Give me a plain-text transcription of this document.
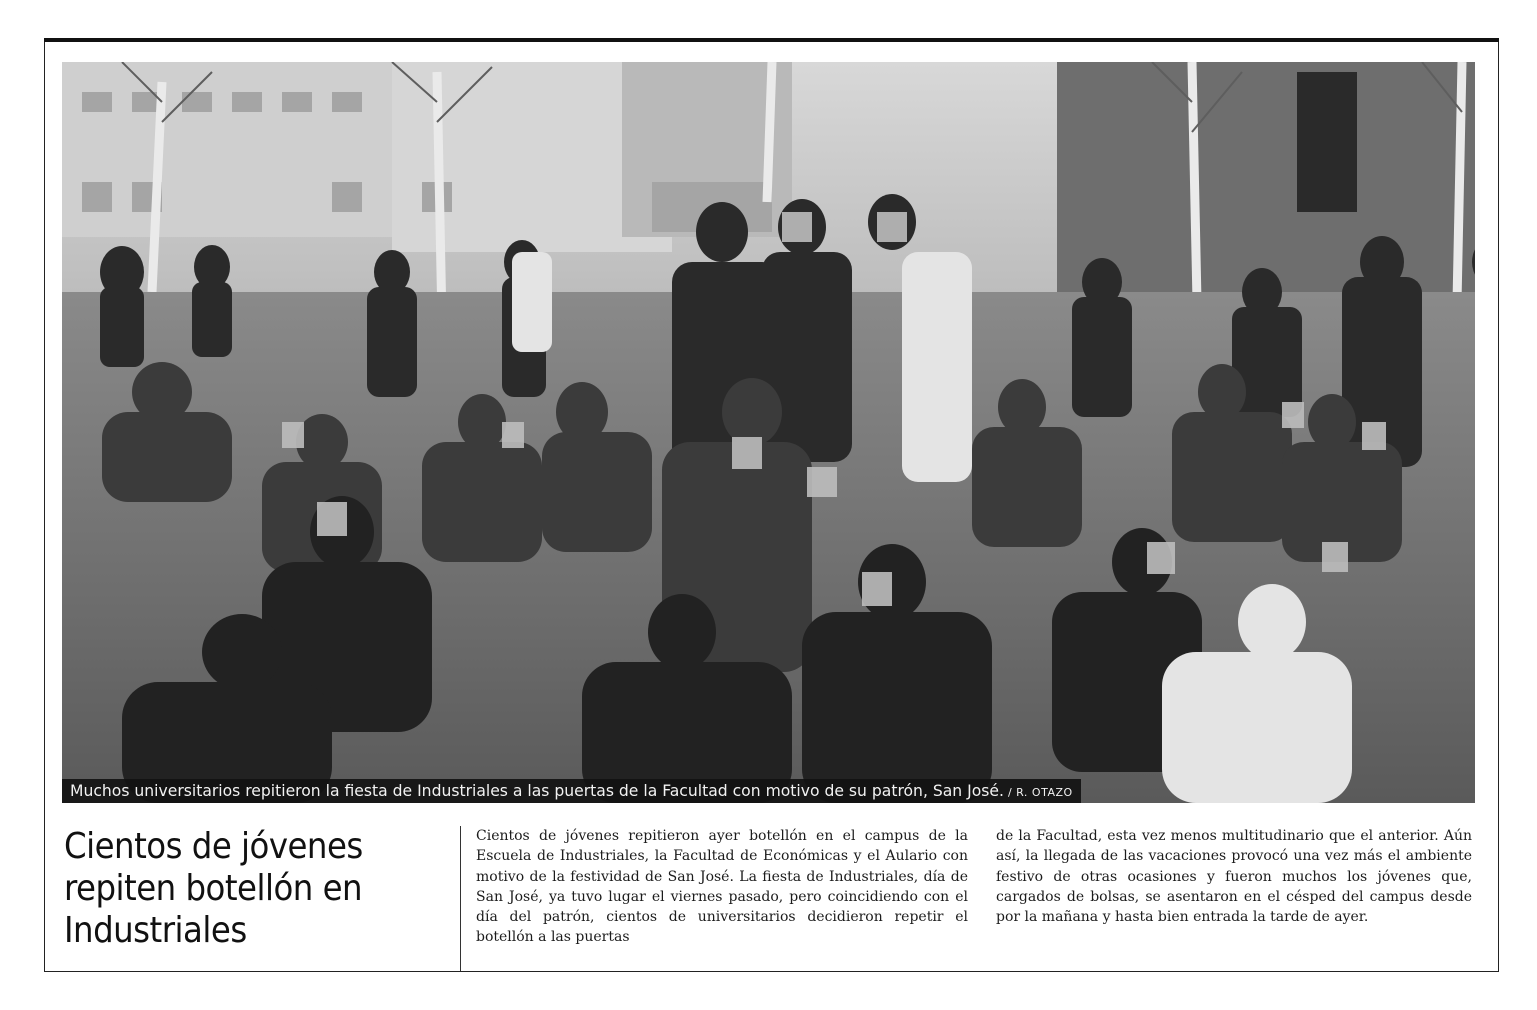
Muchos universitarios repitieron la fiesta de Industriales a las puertas de la Facultad con motivo de su patrón, San José. / R. OTAZO
Cientos de jóvenes repiten botellón en Industriales

Cientos de jóvenes repitieron ayer botellón en el campus de la Escuela de Industriales, la Facultad de Económicas y el Aulario con motivo de la festividad de San José. La fiesta de Industriales, día de San José, ya tuvo lugar el viernes pasado, pero coincidiendo con el día del patrón, cientos de universitarios decidieron repetir el botellón a las puertas

de la Facultad, esta vez menos multitudinario que el anterior. Aún así, la llegada de las vacaciones provocó una vez más el ambiente festivo de otras ocasiones y fueron muchos los jóvenes que, cargados de bolsas, se asentaron en el césped del campus desde por la mañana y hasta bien entrada la tarde de ayer.
